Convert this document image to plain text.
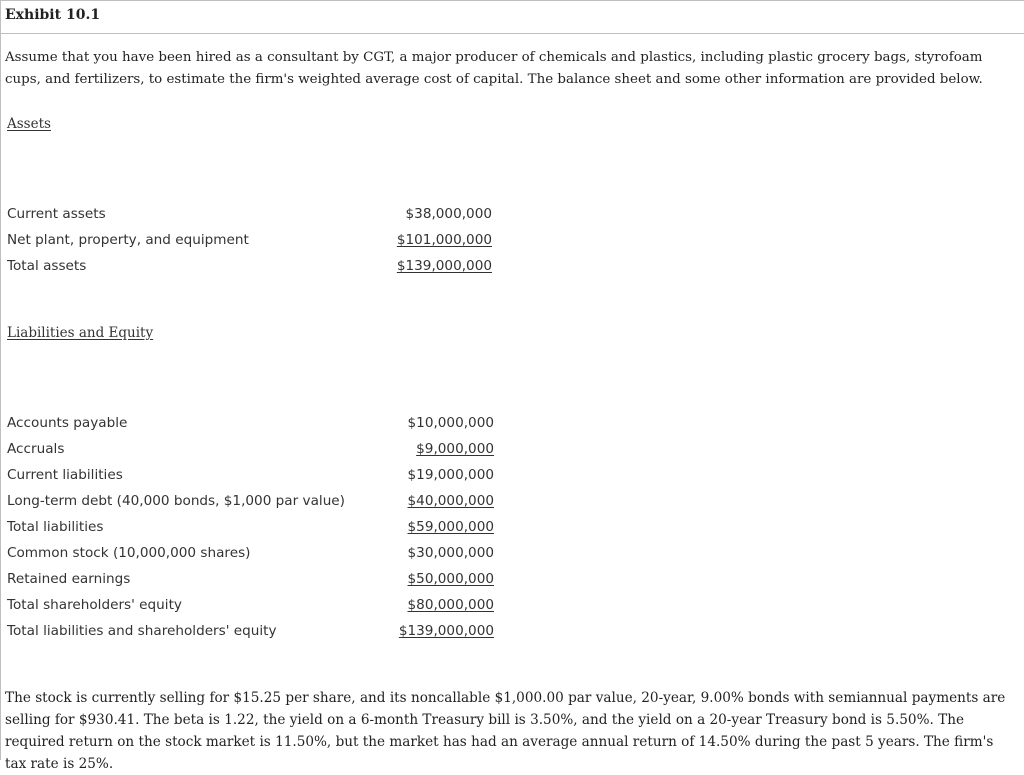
Exhibit 10.1

Assume that you have been hired as a consultant by CGT, a major producer of chemicals and plastics, including plastic grocery bags, styrofoam cups, and fertilizers, to estimate the firm's weighted average cost of capital. The balance sheet and some other information are provided below.

Assets
Current assets	$38,000,000
Net plant, property, and equipment	$101,000,000
Total assets	$139,000,000
Liabilities and Equity
Accounts payable	$10,000,000
Accruals	$9,000,000
Current liabilities	$19,000,000
Long-term debt (40,000 bonds, $1,000 par value)	$40,000,000
Total liabilities	$59,000,000
Common stock (10,000,000 shares)	$30,000,000
Retained earnings	$50,000,000
Total shareholders' equity	$80,000,000
Total liabilities and shareholders' equity	$139,000,000

The stock is currently selling for $15.25 per share, and its noncallable $1,000.00 par value, 20-year, 9.00% bonds with semiannual payments are selling for $930.41. The beta is 1.22, the yield on a 6-month Treasury bill is 3.50%, and the yield on a 20-year Treasury bond is 5.50%. The required return on the stock market is 11.50%, but the market has had an average annual return of 14.50% during the past 5 years. The firm's tax rate is 25%.
